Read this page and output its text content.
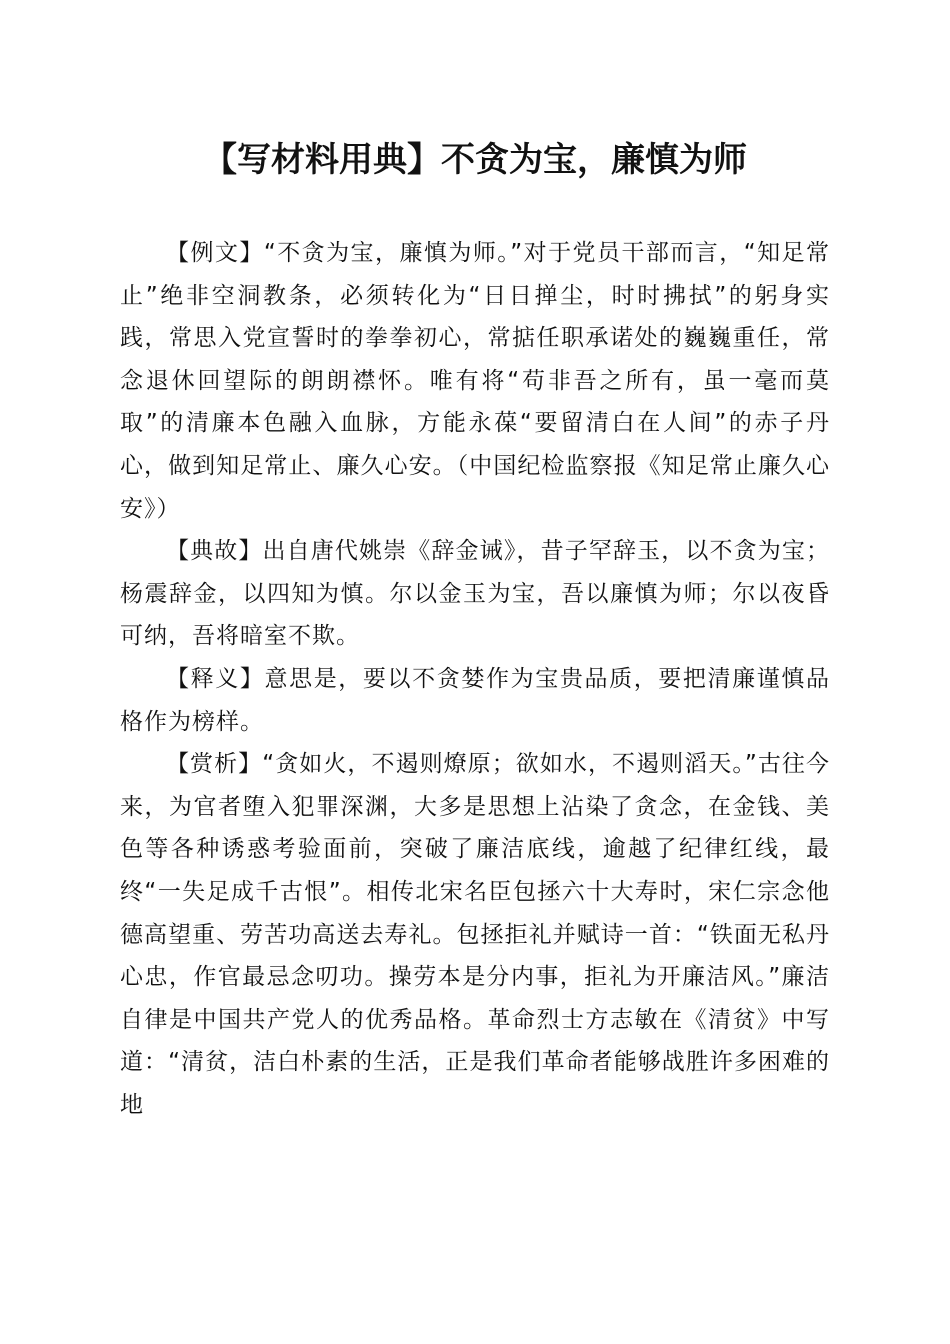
【写材料用典】不贪为宝，廉慎为师

【例文】“不贪为宝，廉慎为师。”对于党员干部而言，“知足常止”绝非空洞教条，必须转化为“日日掸尘，时时拂拭”的躬身实践，常思入党宣誓时的拳拳初心，常掂任职承诺处的巍巍重任，常念退休回望际的朗朗襟怀。唯有将“苟非吾之所有，虽一毫而莫取”的清廉本色融入血脉，方能永葆“要留清白在人间”的赤子丹心，做到知足常止、廉久心安。（中国纪检监察报《知足常止廉久心安》）

【典故】出自唐代姚崇《辞金诫》，昔子罕辞玉，以不贪为宝；杨震辞金，以四知为慎。尔以金玉为宝，吾以廉慎为师；尔以夜昏可纳，吾将暗室不欺。

【释义】意思是，要以不贪婪作为宝贵品质，要把清廉谨慎品格作为榜样。

【赏析】“贪如火，不遏则燎原；欲如水，不遏则滔天。”古往今来，为官者堕入犯罪深渊，大多是思想上沾染了贪念，在金钱、美色等各种诱惑考验面前，突破了廉洁底线，逾越了纪律红线，最终“一失足成千古恨”。相传北宋名臣包拯六十大寿时，宋仁宗念他德高望重、劳苦功高送去寿礼。包拯拒礼并赋诗一首：“铁面无私丹心忠，作官最忌念叨功。操劳本是分内事，拒礼为开廉洁风。”廉洁自律是中国共产党人的优秀品格。革命烈士方志敏在《清贫》中写道：“清贫，洁白朴素的生活，正是我们革命者能够战胜许多困难的地
